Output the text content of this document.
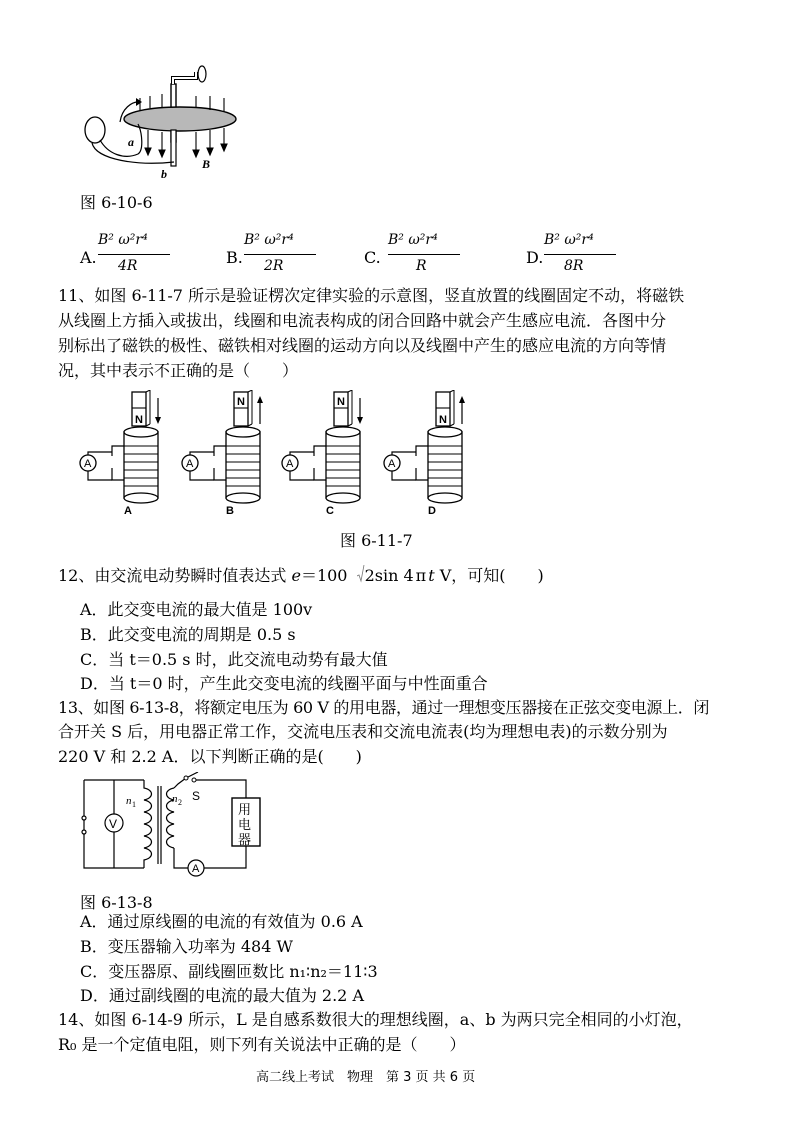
a
b
B
图 6-10-6
A.
B² ω²r⁴
4R	B.
B² ω²r⁴
2R	C.
B² ω²r⁴
R	D.
B² ω²r⁴
8R
11、如图 6-11-7 所示是验证楞次定律实验的示意图，竖直放置的线圈固定不动，将磁铁
从线圈上方插入或拔出，线圈和电流表构成的闭合回路中就会产生感应电流．各图中分
别标出了磁铁的极性、磁铁相对线圈的运动方向以及线圈中产生的感应电流的方向等情
况，其中表示不正确的是（　　）
N
A
N
B
N
C
N
D
图 6-11-7
12、由交流电动势瞬时值表达式 e＝100 2sin 4 π t V，可知(　　)
A．此交变电流的最大值是 100v
B．此交变电流的周期是 0.5 s
C．当 t＝0.5 s 时，此交流电动势有最大值
D．当 t＝0 时，产生此交变电流的线圈平面与中性面重合
13、如图 6-13-8，将额定电压为 60 V 的用电器，通过一理想变压器接在正弦交变电源上．闭
合开关 S 后，用电器正常工作，交流电压表和交流电流表(均为理想电表)的示数分别为
220 V 和 2.2 A．以下判断正确的是(　　)
V
A
用
电
器
n 1	n 2 S
图 6-13-8
A．通过原线圈的电流的有效值为 0.6 A
B．变压器输入功率为 484 W
C．变压器原、副线圈匝数比 n₁∶n₂＝11∶3
D．通过副线圈的电流的最大值为 2.2 A
14、如图 6-14-9 所示，L 是自感系数很大的理想线圈，a、b 为两只完全相同的小灯泡，
R₀ 是一个定值电阻，则下列有关说法中正确的是（　　）
高二线上考试　物理　第 3 页 共 6 页
